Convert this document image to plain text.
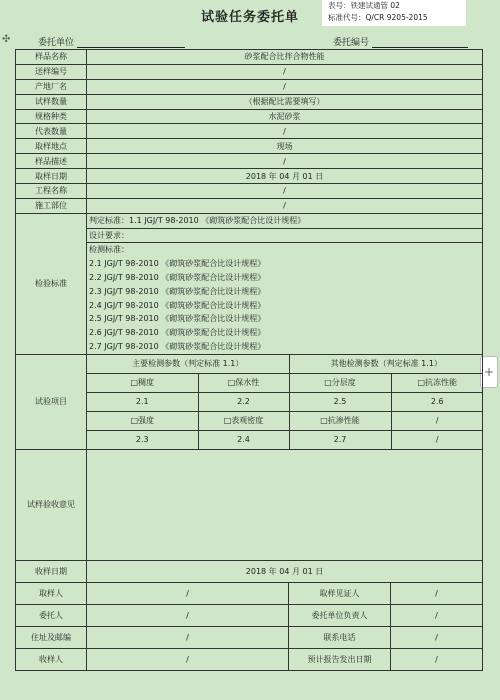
表号：铁建试通管 02
标准代号：Q/CR 9205-2015
试验任务委托单
✣
+
委托单位	委托编号
样品名称	砂浆配合比拌合物性能
送样编号	/
产地厂名	/
试样数量	（根据配比需要填写）
规格种类	水泥砂浆
代表数量	/
取样地点	现场
样品描述	/
取样日期	2018 年 04 月 01 日
工程名称	/
施工部位	/
检验标准	
判定标准：1.1 JGJ/T 98-2010 《砌筑砂浆配合比设计规程》
设计要求：
检测标准：
2.1 JGJ/T 98-2010 《砌筑砂浆配合比设计规程》
2.2 JGJ/T 98-2010 《砌筑砂浆配合比设计规程》
2.3 JGJ/T 98-2010 《砌筑砂浆配合比设计规程》
2.4 JGJ/T 98-2010 《砌筑砂浆配合比设计规程》
2.5 JGJ/T 98-2010 《砌筑砂浆配合比设计规程》
2.6 JGJ/T 98-2010 《砌筑砂浆配合比设计规程》
2.7 JGJ/T 98-2010 《砌筑砂浆配合比设计规程》

试验项目	
主要检测参数（判定标准 1.1）	其他检测参数（判定标准 1.1）
□稠度	□保水性	□分层度	□抗冻性能
2.1	2.2	2.5	2.6
□强度	□表观密度	□抗渗性能	/
2.3	2.4	2.7	/

试样验收意见	
收样日期	2018 年 04 月 01 日
取样人	/	取样见证人	/
委托人	/	委托单位负责人	/
住址及邮编	/	联系电话	/
收样人	/	预计报告发出日期	/
